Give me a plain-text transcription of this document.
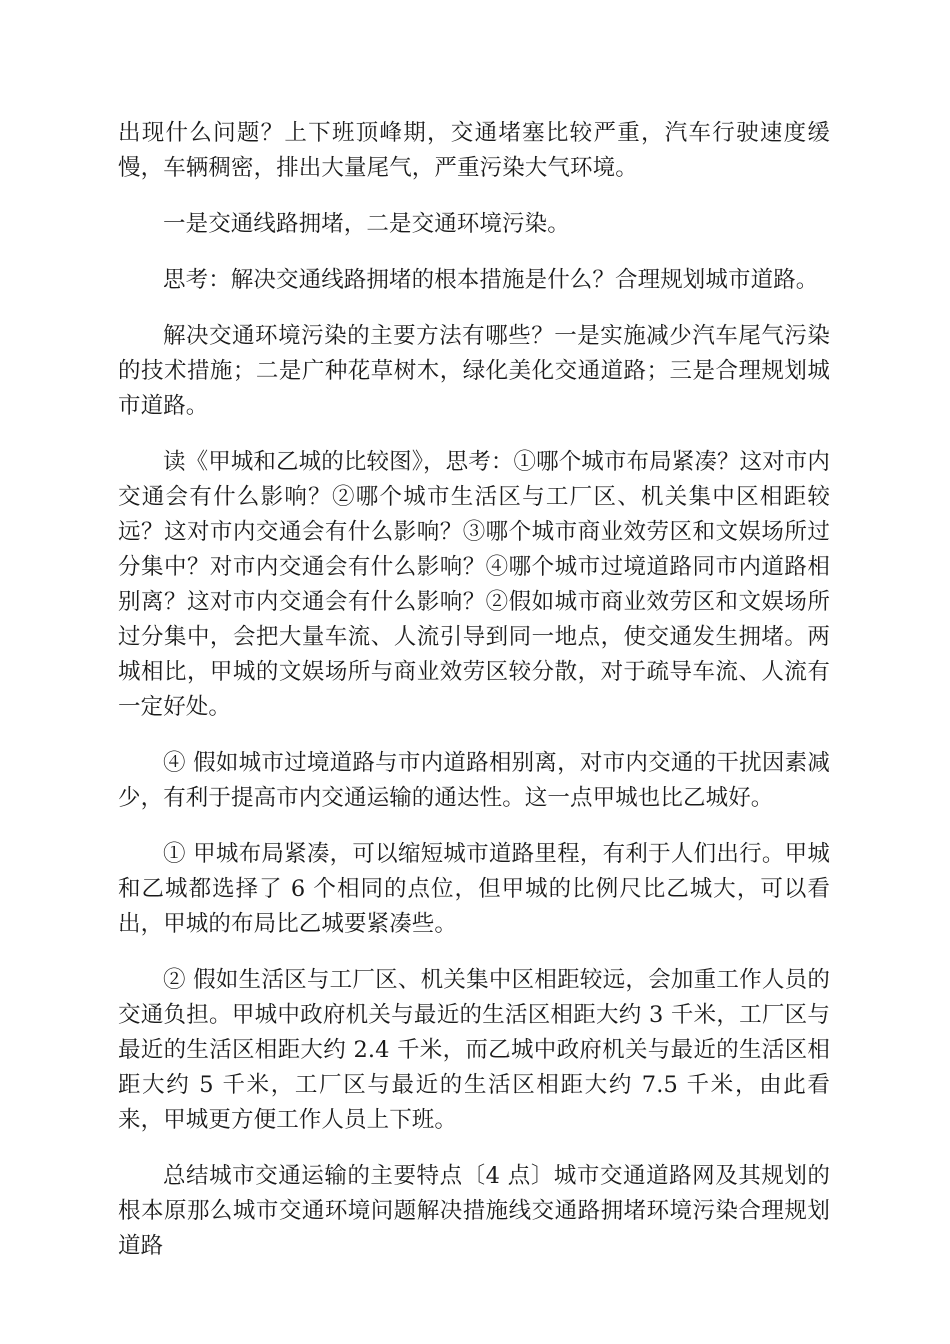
出现什么问题？上下班顶峰期，交通堵塞比较严重，汽车行驶速度缓慢，车辆稠密，排出大量尾气，严重污染大气环境。

一是交通线路拥堵，二是交通环境污染。

思考：解决交通线路拥堵的根本措施是什么？合理规划城市道路。

解决交通环境污染的主要方法有哪些？一是实施减少汽车尾气污染的技术措施；二是广种花草树木，绿化美化交通道路；三是合理规划城市道路。

读《甲城和乙城的比较图》，思考：①哪个城市布局紧凑？这对市内交通会有什么影响？②哪个城市生活区与工厂区、机关集中区相距较远？这对市内交通会有什么影响？③哪个城市商业效劳区和文娱场所过分集中？对市内交通会有什么影响？④哪个城市过境道路同市内道路相别离？这对市内交通会有什么影响？②假如城市商业效劳区和文娱场所过分集中，会把大量车流、人流引导到同一地点，使交通发生拥堵。两城相比，甲城的文娱场所与商业效劳区较分散，对于疏导车流、人流有一定好处。

④ 假如城市过境道路与市内道路相别离，对市内交通的干扰因素减少，有利于提高市内交通运输的通达性。这一点甲城也比乙城好。

① 甲城布局紧凑，可以缩短城市道路里程，有利于人们出行。甲城和乙城都选择了 6 个相同的点位，但甲城的比例尺比乙城大，可以看出，甲城的布局比乙城要紧凑些。

② 假如生活区与工厂区、机关集中区相距较远，会加重工作人员的交通负担。甲城中政府机关与最近的生活区相距大约 3 千米，工厂区与最近的生活区相距大约 2.4 千米，而乙城中政府机关与最近的生活区相距大约 5 千米，工厂区与最近的生活区相距大约 7.5 千米，由此看来，甲城更方便工作人员上下班。

总结城市交通运输的主要特点〔4 点〕城市交通道路网及其规划的根本原那么城市交通环境问题解决措施线交通路拥堵环境污染合理规划道路
